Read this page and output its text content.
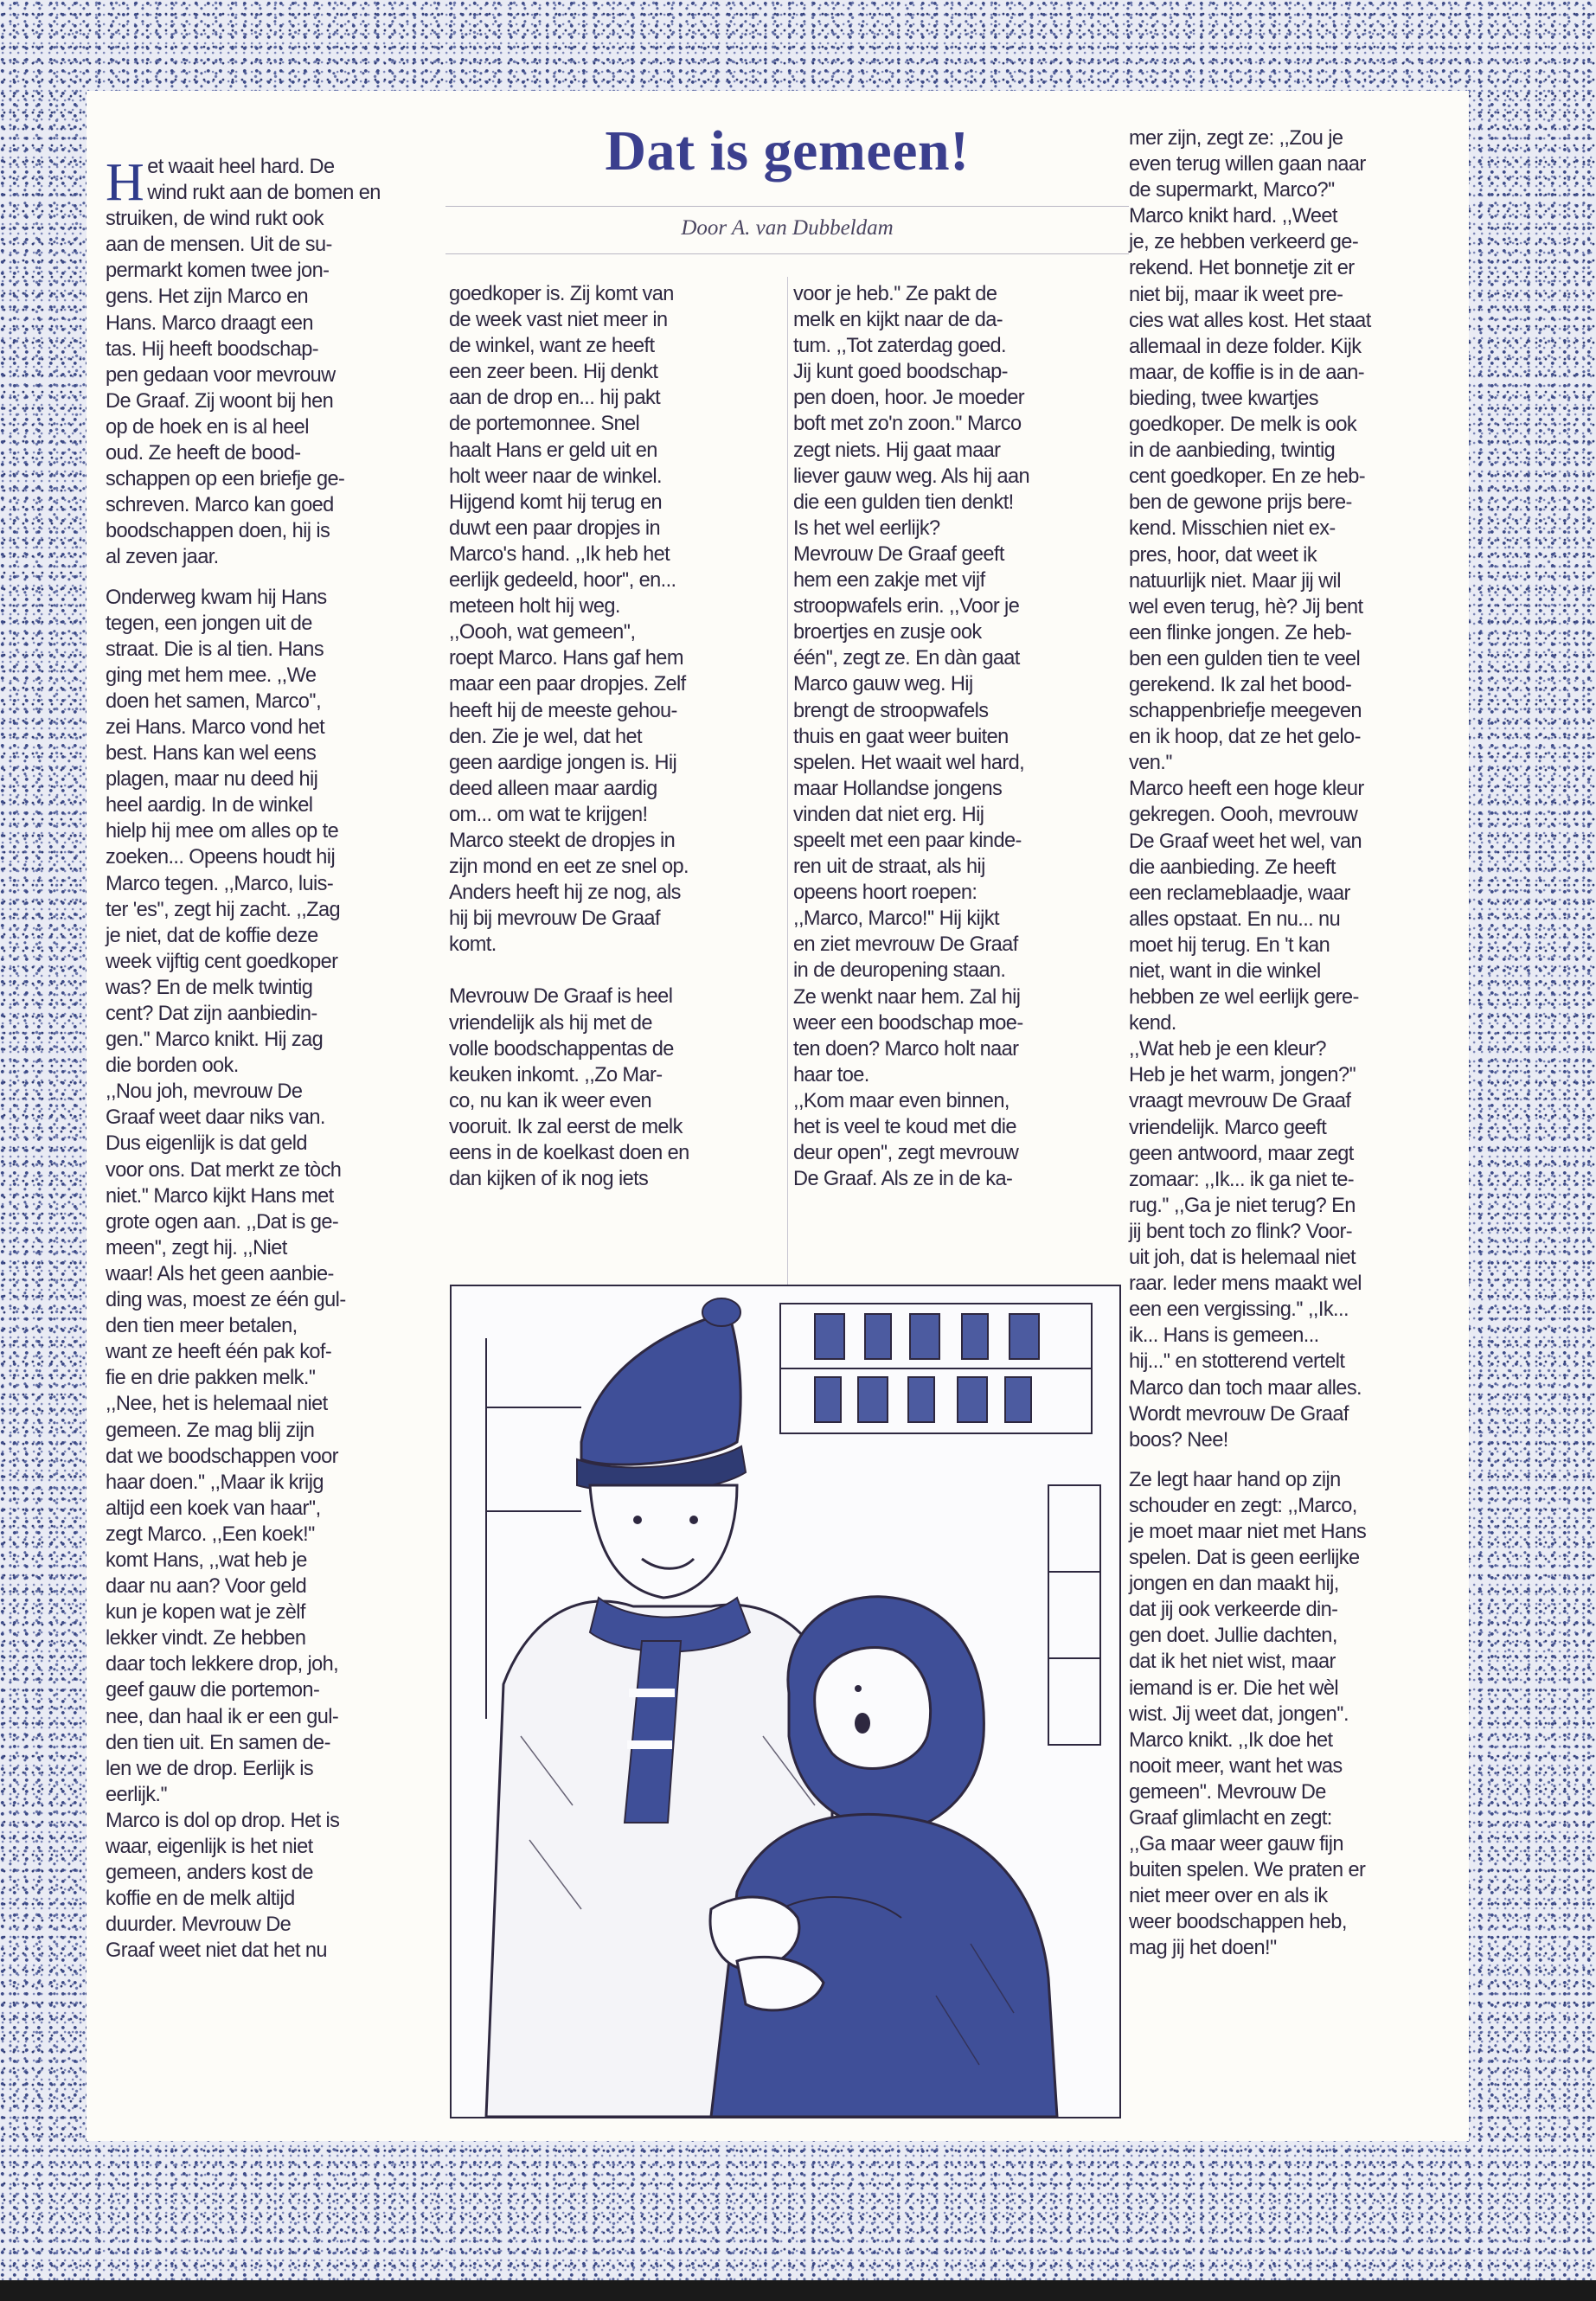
Het waait heel hard. De
wind rukt aan de bomen en
struiken, de wind rukt ook
aan de mensen. Uit de su-
permarkt komen twee jon-
gens. Het zijn Marco en
Hans. Marco draagt een
tas. Hij heeft boodschap-
pen gedaan voor mevrouw
De Graaf. Zij woont bij hen
op de hoek en is al heel
oud. Ze heeft de bood-
schappen op een briefje ge-
schreven. Marco kan goed
boodschappen doen, hij is
al zeven jaar.

Onderweg kwam hij Hans
tegen, een jongen uit de
straat. Die is al tien. Hans
ging met hem mee. ,,We
doen het samen, Marco'',
zei Hans. Marco vond het
best. Hans kan wel eens
plagen, maar nu deed hij
heel aardig. In de winkel
hielp hij mee om alles op te
zoeken... Opeens houdt hij
Marco tegen. ,,Marco, luis-
ter 'es'', zegt hij zacht. ,,Zag
je niet, dat de koffie deze
week vijftig cent goedkoper
was? En de melk twintig
cent? Dat zijn aanbiedin-
gen.'' Marco knikt. Hij zag
die borden ook.
,,Nou joh, mevrouw De
Graaf weet daar niks van.
Dus eigenlijk is dat geld
voor ons. Dat merkt ze tòch
niet.'' Marco kijkt Hans met
grote ogen aan. ,,Dat is ge-
meen'', zegt hij. ,,Niet
waar! Als het geen aanbie-
ding was, moest ze één gul-
den tien meer betalen,
want ze heeft één pak kof-
fie en drie pakken melk.''
,,Nee, het is helemaal niet
gemeen. Ze mag blij zijn
dat we boodschappen voor
haar doen.'' ,,Maar ik krijg
altijd een koek van haar'',
zegt Marco. ,,Een koek!''
komt Hans, ,,wat heb je
daar nu aan? Voor geld
kun je kopen wat je zèlf
lekker vindt. Ze hebben
daar toch lekkere drop, joh,
geef gauw die portemon-
nee, dan haal ik er een gul-
den tien uit. En samen de-
len we de drop. Eerlijk is
eerlijk.''
Marco is dol op drop. Het is
waar, eigenlijk is het niet
gemeen, anders kost de
koffie en de melk altijd
duurder. Mevrouw De
Graaf weet niet dat het nu

Dat is gemeen!
Door A. van Dubbeldam

goedkoper is. Zij komt van
de week vast niet meer in
de winkel, want ze heeft
een zeer been. Hij denkt
aan de drop en... hij pakt
de portemonnee. Snel
haalt Hans er geld uit en
holt weer naar de winkel.
Hijgend komt hij terug en
duwt een paar dropjes in
Marco's hand. ,,Ik heb het
eerlijk gedeeld, hoor'', en...
meteen holt hij weg.
,,Oooh, wat gemeen'',
roept Marco. Hans gaf hem
maar een paar dropjes. Zelf
heeft hij de meeste gehou-
den. Zie je wel, dat het
geen aardige jongen is. Hij
deed alleen maar aardig
om... om wat te krijgen!
Marco steekt de dropjes in
zijn mond en eet ze snel op.
Anders heeft hij ze nog, als
hij bij mevrouw De Graaf
komt.

Mevrouw De Graaf is heel
vriendelijk als hij met de
volle boodschappentas de
keuken inkomt. ,,Zo Mar-
co, nu kan ik weer even
vooruit. Ik zal eerst de melk
eens in de koelkast doen en
dan kijken of ik nog iets

voor je heb.'' Ze pakt de
melk en kijkt naar de da-
tum. ,,Tot zaterdag goed.
Jij kunt goed boodschap-
pen doen, hoor. Je moeder
boft met zo'n zoon.'' Marco
zegt niets. Hij gaat maar
liever gauw weg. Als hij aan
die een gulden tien denkt!
Is het wel eerlijk?
Mevrouw De Graaf geeft
hem een zakje met vijf
stroopwafels erin. ,,Voor je
broertjes en zusje ook
één'', zegt ze. En dàn gaat
Marco gauw weg. Hij
brengt de stroopwafels
thuis en gaat weer buiten
spelen. Het waait wel hard,
maar Hollandse jongens
vinden dat niet erg. Hij
speelt met een paar kinde-
ren uit de straat, als hij
opeens hoort roepen:
,,Marco, Marco!'' Hij kijkt
en ziet mevrouw De Graaf
in de deuropening staan.
Ze wenkt naar hem. Zal hij
weer een boodschap moe-
ten doen? Marco holt naar
haar toe.
,,Kom maar even binnen,
het is veel te koud met die
deur open'', zegt mevrouw
De Graaf. Als ze in de ka-

mer zijn, zegt ze: ,,Zou je
even terug willen gaan naar
de supermarkt, Marco?''
Marco knikt hard. ,,Weet
je, ze hebben verkeerd ge-
rekend. Het bonnetje zit er
niet bij, maar ik weet pre-
cies wat alles kost. Het staat
allemaal in deze folder. Kijk
maar, de koffie is in de aan-
bieding, twee kwartjes
goedkoper. De melk is ook
in de aanbieding, twintig
cent goedkoper. En ze heb-
ben de gewone prijs bere-
kend. Misschien niet ex-
pres, hoor, dat weet ik
natuurlijk niet. Maar jij wil
wel even terug, hè? Jij bent
een flinke jongen. Ze heb-
ben een gulden tien te veel
gerekend. Ik zal het bood-
schappenbriefje meegeven
en ik hoop, dat ze het gelo-
ven.''
Marco heeft een hoge kleur
gekregen. Oooh, mevrouw
De Graaf weet het wel, van
die aanbieding. Ze heeft
een reclameblaadje, waar
alles opstaat. En nu... nu
moet hij terug. En 't kan
niet, want in die winkel
hebben ze wel eerlijk gere-
kend.
,,Wat heb je een kleur?
Heb je het warm, jongen?''
vraagt mevrouw De Graaf
vriendelijk. Marco geeft
geen antwoord, maar zegt
zomaar: ,,Ik... ik ga niet te-
rug.'' ,,Ga je niet terug? En
jij bent toch zo flink? Voor-
uit joh, dat is helemaal niet
raar. Ieder mens maakt wel
een een vergissing.'' ,,Ik...
ik... Hans is gemeen...
hij...'' en stotterend vertelt
Marco dan toch maar alles.
Wordt mevrouw De Graaf
boos? Nee!

Ze legt haar hand op zijn
schouder en zegt: ,,Marco,
je moet maar niet met Hans
spelen. Dat is geen eerlijke
jongen en dan maakt hij,
dat jij ook verkeerde din-
gen doet. Jullie dachten,
dat ik het niet wist, maar
iemand is er. Die het wèl
wist. Jij weet dat, jongen''.
Marco knikt. ,,Ik doe het
nooit meer, want het was
gemeen''. Mevrouw De
Graaf glimlacht en zegt:
,,Ga maar weer gauw fijn
buiten spelen. We praten er
niet meer over en als ik
weer boodschappen heb,
mag jij het doen!''
